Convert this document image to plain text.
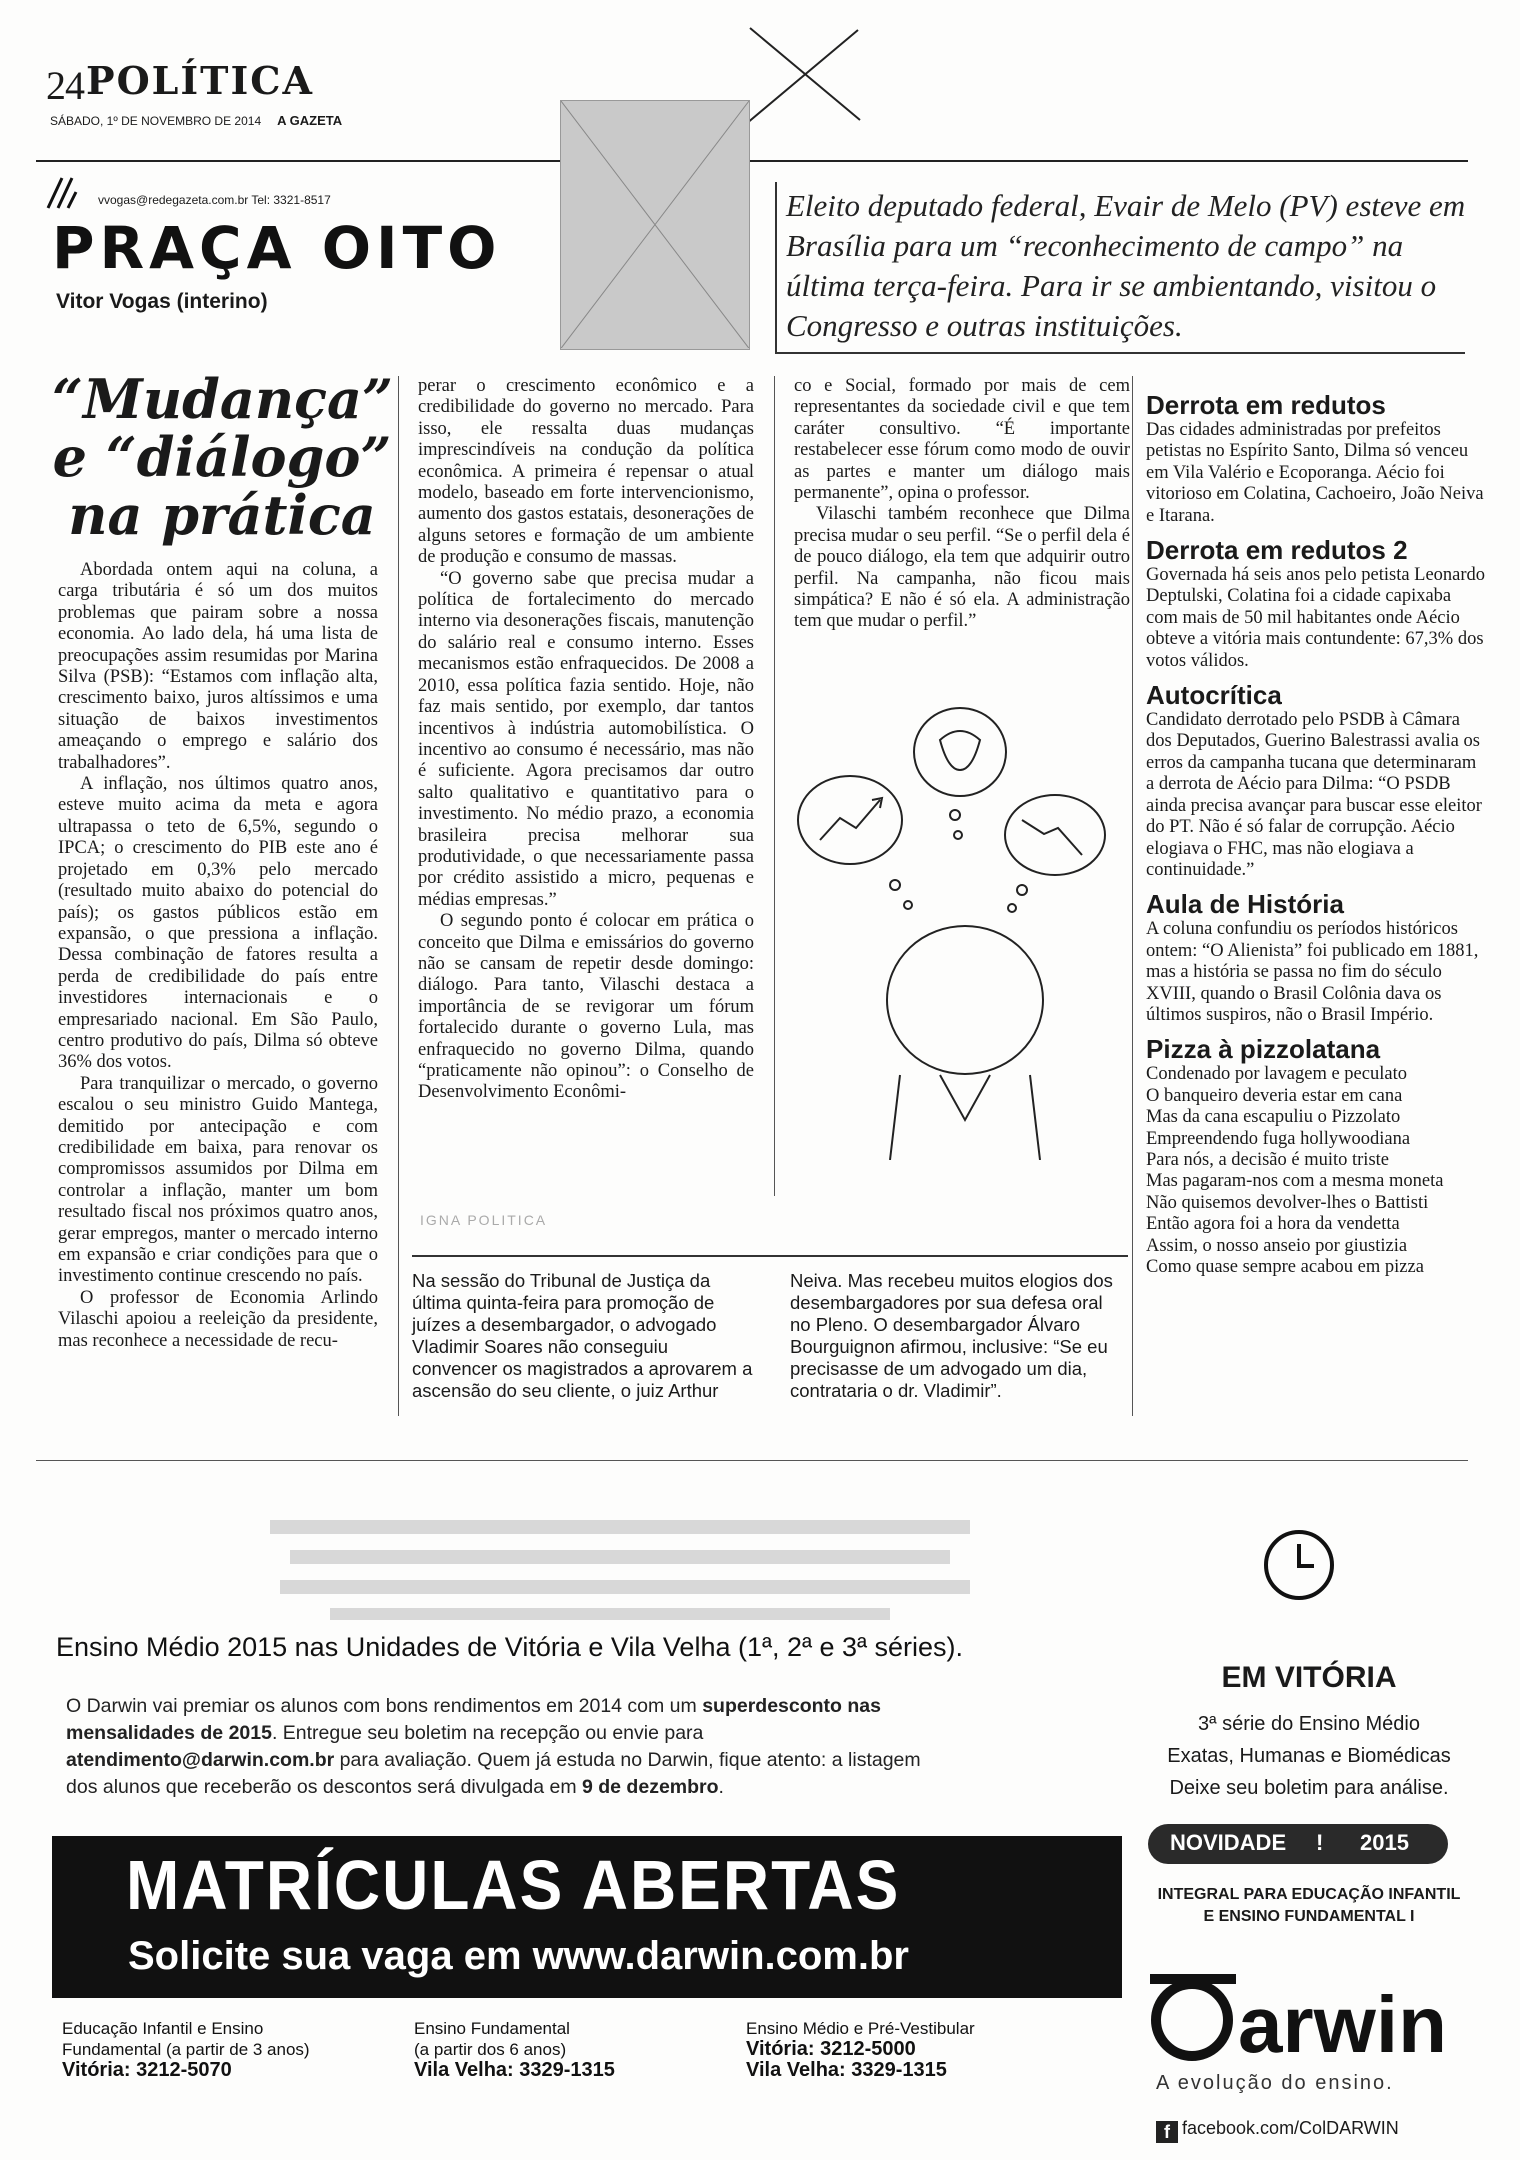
24 POLÍTICA
SÁBADO, 1º DE NOVEMBRO DE 2014 A GAZETA
vvogas@redegazeta.com.br Tel: 3321-8517
PRAÇA OITO
Vitor Vogas (interino)
Eleito deputado federal, Evair de Melo (PV) esteve em Brasília para um “reconhecimento de campo” na última terça-feira. Para ir se ambientando, visitou o Congresso e outras instituições.
“Mudança” e “diálogo” na prática

Abordada ontem aqui na coluna, a carga tributária é só um dos muitos problemas que pairam sobre a nossa economia. Ao lado dela, há uma lista de preocupações assim resumidas por Marina Silva (PSB): “Estamos com inflação alta, crescimento baixo, juros altíssimos e uma situação de baixos investimentos ameaçando o emprego e salário dos trabalhadores”.

A inflação, nos últimos quatro anos, esteve muito acima da meta e agora ultrapassa o teto de 6,5%, segundo o IPCA; o crescimento do PIB este ano é projetado em 0,3% pelo mercado (resultado muito abaixo do potencial do país); os gastos públicos estão em expansão, o que pressiona a inflação. Dessa combinação de fatores resulta a perda de credibilidade do país entre investidores internacionais e o empresariado nacional. Em São Paulo, centro produtivo do país, Dilma só obteve 36% dos votos.

Para tranquilizar o mercado, o governo escalou o seu ministro Guido Mantega, demitido por antecipação e com credibilidade em baixa, para renovar os compromissos assumidos por Dilma em controlar a inflação, manter um bom resultado fiscal nos próximos quatro anos, gerar empregos, manter o mercado interno em expansão e criar condições para que o investimento continue crescendo no país.

O professor de Economia Arlindo Vilaschi apoiou a reeleição da presidente, mas reconhece a necessidade de recu-

perar o crescimento econômico e a credibilidade do governo no mercado. Para isso, ele ressalta duas mudanças imprescindíveis na condução da política econômica. A primeira é repensar o atual modelo, baseado em forte intervencionismo, aumento dos gastos estatais, desonerações de alguns setores e formação de um ambiente de produção e consumo de massas.

“O governo sabe que precisa mudar a política de fortalecimento do mercado interno via desonerações fiscais, manutenção do salário real e consumo interno. Esses mecanismos estão enfraquecidos. De 2008 a 2010, essa política fazia sentido. Hoje, não faz mais sentido, por exemplo, dar tantos incentivos à indústria automobilística. O incentivo ao consumo é necessário, mas não é suficiente. Agora precisamos dar outro salto qualitativo e quantitativo para o investimento. No médio prazo, a economia brasileira precisa melhorar sua produtividade, o que necessariamente passa por crédito assistido a micro, pequenas e médias empresas.”

O segundo ponto é colocar em prática o conceito que Dilma e emissários do governo não se cansam de repetir desde domingo: diálogo. Para tanto, Vilaschi destaca a importância de se revigorar um fórum fortalecido durante o governo Lula, mas enfraquecido no governo Dilma, quando “praticamente não opinou”: o Conselho de Desenvolvimento Econômi-

co e Social, formado por mais de cem representantes da sociedade civil e que tem caráter consultivo. “É importante restabelecer esse fórum como modo de ouvir as partes e manter um diálogo mais permanente”, opina o professor.

Vilaschi também reconhece que Dilma precisa mudar o seu perfil. “Se o perfil dela é de pouco diálogo, ela tem que adquirir outro perfil. Na campanha, não ficou mais simpática? E não é só ela. A administração tem que mudar o perfil.”

IGNA POLITICA
Na sessão do Tribunal de Justiça da última quinta-feira para promoção de juízes a desembargador, o advogado Vladimir Soares não conseguiu convencer os magistrados a aprovarem a ascensão do seu cliente, o juiz Arthur
Neiva. Mas recebeu muitos elogios dos desembargadores por sua defesa oral no Pleno. O desembargador Álvaro Bourguignon afirmou, inclusive: “Se eu precisasse de um advogado um dia, contrataria o dr. Vladimir”.
Derrota em redutos
Das cidades administradas por prefeitos petistas no Espírito Santo, Dilma só venceu em Vila Valério e Ecoporanga. Aécio foi vitorioso em Colatina, Cachoeiro, João Neiva e Itarana.
Derrota em redutos 2
Governada há seis anos pelo petista Leonardo Deptulski, Colatina foi a cidade capixaba com mais de 50 mil habitantes onde Aécio obteve a vitória mais contundente: 67,3% dos votos válidos.
Autocrítica
Candidato derrotado pelo PSDB à Câmara dos Deputados, Guerino Balestrassi avalia os erros da campanha tucana que determinaram a derrota de Aécio para Dilma: “O PSDB ainda precisa avançar para buscar esse eleitor do PT. Não é só falar de corrupção. Aécio elogiava o FHC, mas não elogiava a continuidade.”
Aula de História
A coluna confundiu os períodos históricos ontem: “O Alienista” foi publicado em 1881, mas a história se passa no fim do século XVIII, quando o Brasil Colônia dava os últimos suspiros, não o Brasil Império.
Pizza à pizzolatana
Condenado por lavagem e peculato
O banqueiro deveria estar em cana
Mas da cana escapuliu o Pizzolato
Empreendendo fuga hollywoodiana
Para nós, a decisão é muito triste
Mas pagaram-nos com a mesma moneta
Não quisemos devolver-lhes o Battisti
Então agora foi a hora da vendetta
Assim, o nosso anseio por giustizia
Como quase sempre acabou em pizza
Ensino Médio 2015 nas Unidades de Vitória e Vila Velha (1ª, 2ª e 3ª séries).
O Darwin vai premiar os alunos com bons rendimentos em 2014 com um superdesconto nas mensalidades de 2015. Entregue seu boletim na recepção ou envie para atendimento@darwin.com.br para avaliação. Quem já estuda no Darwin, fique atento: a listagem dos alunos que receberão os descontos será divulgada em 9 de dezembro.
MATRÍCULAS ABERTAS
Solicite sua vaga em www.darwin.com.br
Educação Infantil e Ensino
Fundamental (a partir de 3 anos)
Vitória: 3212-5070
Ensino Fundamental
(a partir dos 6 anos)
Vila Velha: 3329-1315
Ensino Médio e Pré-Vestibular
Vitória: 3212-5000
Vila Velha: 3329-1315
EM VITÓRIA
3ª série do Ensino Médio
Exatas, Humanas e Biomédicas
Deixe seu boletim para análise.
NOVIDADE ! 2015
INTEGRAL PARA EDUCAÇÃO INFANTIL
E ENSINO FUNDAMENTAL I
arwin
A evolução do ensino.
f facebook.com/ColDARWIN
